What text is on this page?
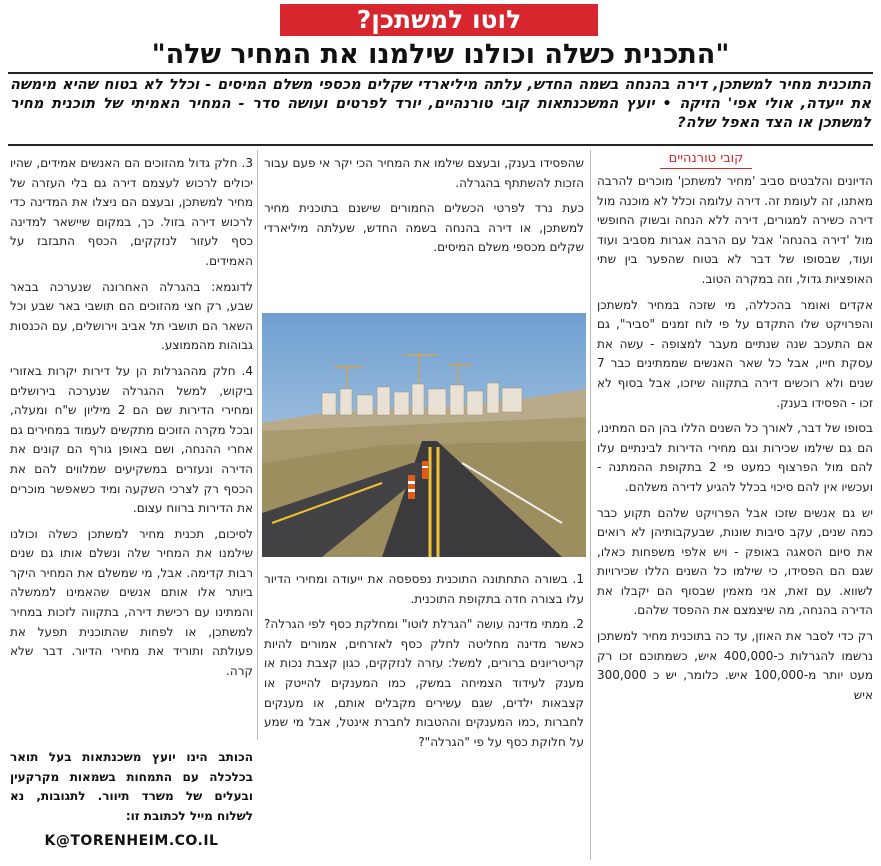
לוטו למשתכן?
"התכנית כשלה וכולנו שילמנו את המחיר שלה"
התוכנית מחיר למשתכן, דירה בהנחה בשמה החדש, עלתה מיליארדי שקלים מכספי משלם המיסים - וכלל לא בטוח שהיא מימשה את ייעדה, אולי אפי' הזיקה • יועץ המשכנתאות קובי טורנהיים, יורד לפרטים ועושה סדר - המחיר האמיתי של תוכנית מחיר למשתכן או הצד האפל שלה?
קובי טורנהיים

הדיונים והלבטים סביב 'מחיר למשתכן' מוכרים להרבה מאתנו, זה לעומת זה. דירה עלומה וכלל לא מוכנה מול דירה כשירה למגורים, דירה ללא הנחה ובשוק החופשי מול 'דירה בהנחה' אבל עם הרבה אגרות מסביב ועוד ועוד, שבסופו של דבר לא בטוח שהפער בין שתי האופציות גדול, וזה במקרה הטוב.

אקדים ואומר בהכללה, מי שזכה במחיר למשתכן והפרויקט שלו התקדם על פי לוח זמנים "סביר", גם אם התעכב שנה שנתיים מעבר למצופה - עשה את עסקת חייו, אבל כל שאר האנשים שממתינים כבר 7 שנים ולא רוכשים דירה בתקווה שיזכו, אבל בסוף לא זכו - הפסידו בענק.

בסופו של דבר, לאורך כל השנים הללו בהן הם המתינו, הם גם שילמו שכירות וגם מחירי הדירות לבינתיים עלו להם מול הפרצוף כמעט פי 2 בתקופת ההמתנה - ועכשיו אין להם סיכוי בכלל להגיע לדירה משלהם.

יש גם אנשים שזכו אבל הפרויקט שלהם תקוע כבר כמה שנים, עקב סיבות שונות, שבעקבותיהן לא רואים את סיום הסאגה באופק - ויש אלפי משפחות כאלו, שגם הם הפסידו, כי שילמו כל השנים הללו שכירויות לשווא. עם זאת, אני מאמין שבסוף הם יקבלו את הדירה בהנחה, מה שיצמצם את ההפסד שלהם.

רק כדי לסבר את האוזן, עד כה בתוכנית מחיר למשתכן נרשמו להגרלות כ-400,000 איש, כשמתוכם זכו רק מעט יותר מ-100,000 איש. כלומר, יש כ 300,000 איש

שהפסידו בענק, ובעצם שילמו את המחיר הכי יקר אי פעם עבור הזכות להשתתף בהגרלה.

כעת נרד לפרטי הכשלים החמורים שישנם בתוכנית מחיר למשתכן, או דירה בהנחה בשמה החדש, שעלתה מיליארדי שקלים מכספי משלם המיסים.

1. בשורה התחתונה התוכנית נפספסה את ייעודה ומחירי הדיור עלו בצורה חדה בתקופת התוכנית.

2. ממתי מדינה עושה "הגרלת לוטו" ומחלקת כסף לפי הגרלה? כאשר מדינה מחליטה לחלק כסף לאזרחים, אמורים להיות קריטריונים ברורים, למשל: עזרה לנזקקים, כגון קצבת נכות או מענק לעידוד הצמיחה במשק, כמו המענקים להייטק או קצבאות ילדים, שגם עשירים מקבלים אותם, או מענקים לחברות ,כמו המענקים וההטבות לחברת אינטל, אבל מי שמע על חלוקת כסף על פי "הגרלה"?

3. חלק גדול מהזוכים הם האנשים אמידים, שהיו יכולים לרכוש לעצמם דירה גם בלי העזרה של מחיר למשתכן, ובעצם הם ניצלו את המדינה כדי לרכוש דירה בזול. כך, במקום שיישאר למדינה כסף לעזור לנזקקים, הכסף התבזבז על האמידים.

לדוגמא: בהגרלה האחרונה שנערכה בבאר שבע, רק חצי מהזוכים הם תושבי באר שבע וכל השאר הם תושבי תל אביב וירושלים, עם הכנסות גבוהות מהממוצע.

4. חלק מההגרלות הן על דירות יקרות באזורי ביקוש, למשל ההגרלה שנערכה בירושלים ומחירי הדירות שם הם 2 מיליון ש"ח ומעלה, ובכל מקרה הזוכים מתקשים לעמוד במחירים גם אחרי ההנחה, ושם באופן גורף הם קונים את הדירה ונעזרים במשקיעים שמלווים להם את הכסף רק לצרכי השקעה ומיד כשאפשר מוכרים את הדירות ברווח עצום.

לסיכום, תכנית מחיר למשתכן כשלה וכולנו שילמנו את המחיר שלה ונשלם אותו גם שנים רבות קדימה. אבל, מי שמשלם את המחיר היקר ביותר אלו אותם אנשים שהאמינו לממשלה והמתינו עם רכישת דירה, בתקווה לזכות במחיר למשתכן, או לפחות שהתוכנית תפעל את פעולתה ותוריד את מחירי הדיור. דבר שלא קרה.

הכותב הינו יועץ משכנתאות בעל תואר בכלכלה עם התמחות בשמאות מקרקעין ובעלים של משרד תיוור. לתגובות, נא לשלוח מייל לכתובת זו:
K@TORENHEIM.CO.IL
